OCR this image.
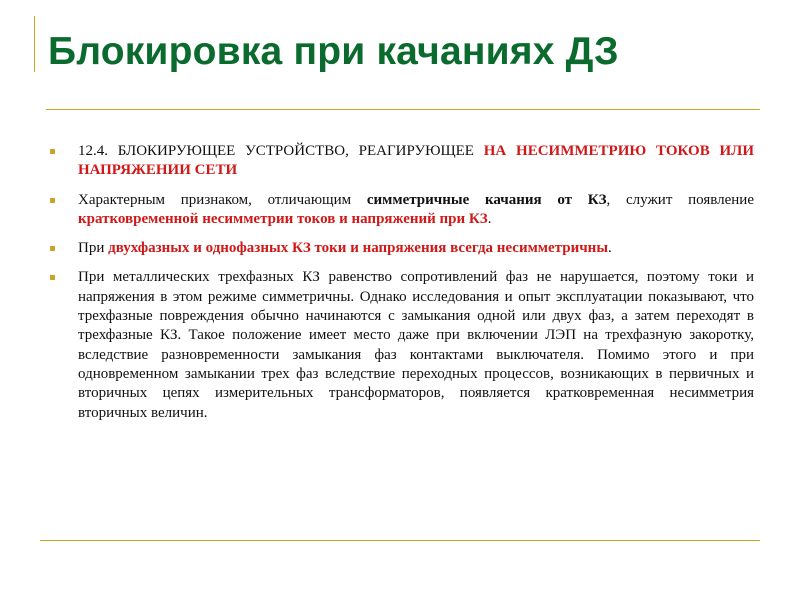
Блокировка при качаниях ДЗ
12.4. БЛОКИРУЮЩЕЕ УСТРОЙСТВО, РЕАГИРУЮЩЕЕ НА НЕСИММЕТРИЮ ТОКОВ ИЛИ НАПРЯЖЕНИИ СЕТИ
Характерным признаком, отличающим симметричные качания от КЗ, служит появление кратковременной несимметрии токов и напряжений при КЗ.
При двухфазных и однофазных КЗ токи и напряжения всегда несимметричны.
При металлических трехфазных КЗ равенство сопротивлений фаз не нарушается, поэтому токи и напряжения в этом режиме симметричны. Однако исследования и опыт эксплуатации показывают, что трехфазные повреждения обычно начинаются с замыкания одной или двух фаз, а затем переходят в трехфазные КЗ. Такое положение имеет место даже при включении ЛЭП на трехфазную закоротку, вследствие разновременности замыкания фаз контактами выключателя. Помимо этого и при одновременном замыкании трех фаз вследствие переходных процессов, возникающих в первичных и вторичных цепях измерительных трансформаторов, появляется кратковременная несимметрия вторичных величин.
